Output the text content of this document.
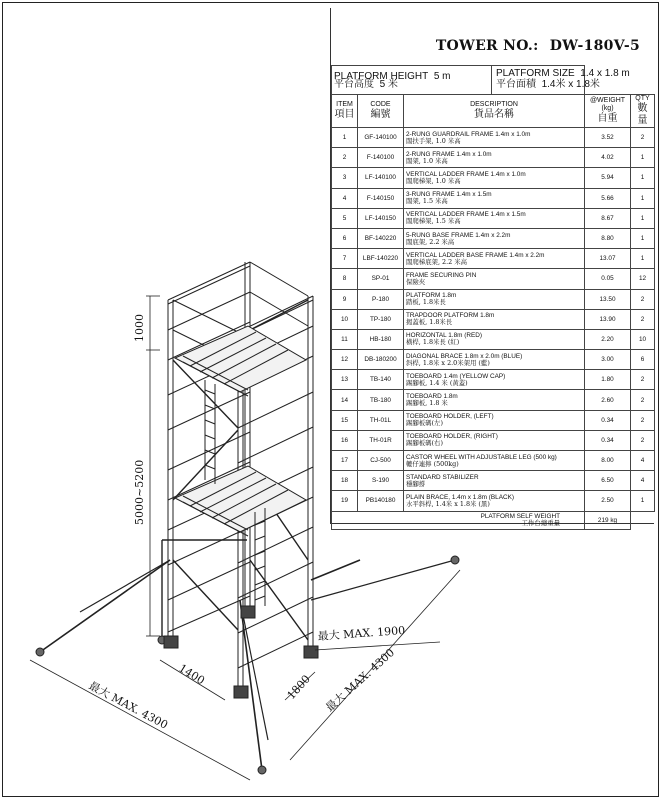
1000
5000~5200
1400	1800
最大 MAX. 1900
最大 MAX. 4300	最大 MAX. 4300
TOWER NO.: DW-180V-5
PLATFORM HEIGHT 5 m
平台高度 5 米				

ITEM
項目	CODE
編號	DESCRIPTION
貨品名稱	@WEIGHT (kg)
自重	QTY
數量

1	GF-140100	2-RUNG GUARDRAIL FRAME 1.4m x 1.0m
闊扶手架, 1.0 米高	3.52	2
2	F-140100	2-RUNG FRAME 1.4m x 1.0m
闊架, 1.0 米高	4.02	1
3	LF-140100	VERTICAL LADDER FRAME 1.4m x 1.0m
闊爬梯架, 1.0 米高	5.94	1
4	F-140150	3-RUNG FRAME 1.4m x 1.5m
闊架, 1.5 米高	5.66	1
5	LF-140150	VERTICAL LADDER FRAME 1.4m x 1.5m
闊爬梯架, 1.5 米高	8.67	1
6	BF-140220	5-RUNG BASE FRAME 1.4m x 2.2m
闊底架, 2.2 米高	8.80	1
7	LBF-140220	VERTICAL LADDER BASE FRAME 1.4m x 2.2m
闊爬梯底架, 2.2 米高	13.07	1
8	SP-01	FRAME SECURING PIN
保險夾	0.05	12
9	P-180	PLATFORM 1.8m
踏板, 1.8米長	13.50	2
10	TP-180	TRAPDOOR PLATFORM 1.8m
揭蓋板, 1.8米長	13.90	2
11	HB-180	HORIZONTAL 1.8m (RED)
橫桿, 1.8米長 (紅)	2.20	10
12	DB-180200	DIAGONAL BRACE 1.8m x 2.0m (BLUE)
斜桿, 1.8米 x 2.0米架用 (藍)	3.00	6
13	TB-140	TOEBOARD 1.4m (YELLOW CAP)
踢腳板, 1.4 米 (黃蓋)	1.80	2
14	TB-180	TOEBOARD 1.8m
踢腳板, 1.8 米	2.60	2
15	TH-01L	TOEBOARD HOLDER, (LEFT)
踢腳板碼(左)	0.34	2
16	TH-01R	TOEBOARD HOLDER, (RIGHT)
踢腳板碼(右)	0.34	2
17	CJ-500	CASTOR WHEEL WITH ADJUSTABLE LEG (500 kg)
轆仔連擰 (500kg)	8.00	4
18	S-190	STANDARD STABILIZER
穩腳撐	6.50	4
19	PB140180	PLAIN BRACE, 1.4m x 1.8m (BLACK)
水平斜桿, 1.4米 x 1.8米 (黑)	2.50	1
PLATFORM SELF WEIGHT
工作台總重量			219 kg	
PLATFORM SIZE 1.4 x 1.8 m
平台面積 1.4米 x 1.8米
